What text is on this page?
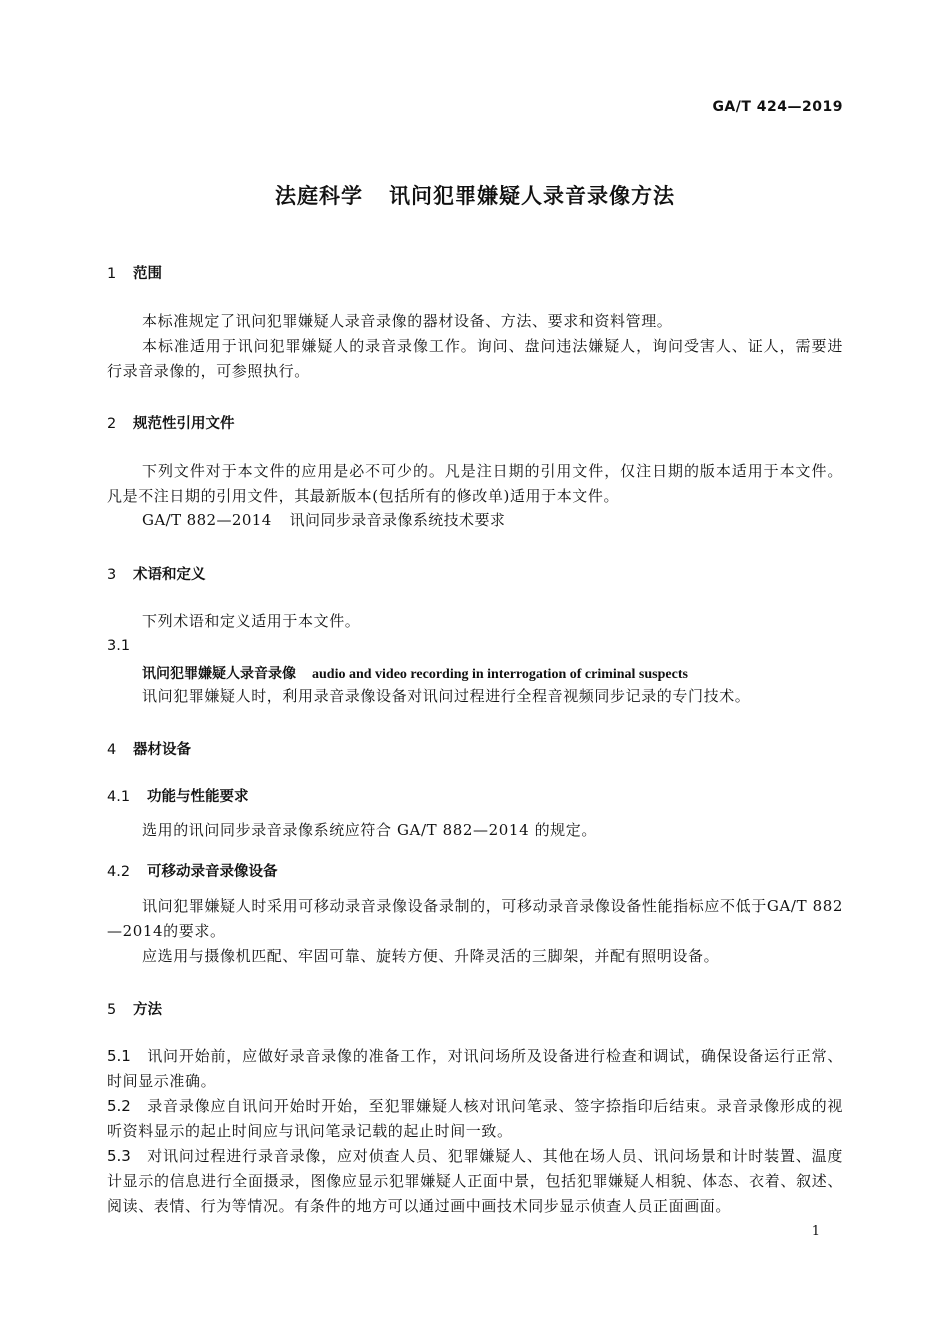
GA/T 424—2019
法庭科学 讯问犯罪嫌疑人录音录像方法
1 范围
本标准规定了讯问犯罪嫌疑人录音录像的器材设备、方法、要求和资料管理。
本标准适用于讯问犯罪嫌疑人的录音录像工作。询问、盘问违法嫌疑人，询问受害人、证人，需要进行录音录像的，可参照执行。
2 规范性引用文件
下列文件对于本文件的应用是必不可少的。凡是注日期的引用文件，仅注日期的版本适用于本文件。凡是不注日期的引用文件，其最新版本(包括所有的修改单)适用于本文件。
GA/T 882—2014 讯问同步录音录像系统技术要求
3 术语和定义
下列术语和定义适用于本文件。
3.1
讯问犯罪嫌疑人录音录像 audio and video recording in interrogation of criminal suspects
讯问犯罪嫌疑人时，利用录音录像设备对讯问过程进行全程音视频同步记录的专门技术。
4 器材设备
4.1 功能与性能要求
选用的讯问同步录音录像系统应符合 GA/T 882—2014 的规定。
4.2 可移动录音录像设备
讯问犯罪嫌疑人时采用可移动录音录像设备录制的，可移动录音录像设备性能指标应不低于GA/T 882—2014的要求。
应选用与摄像机匹配、牢固可靠、旋转方便、升降灵活的三脚架，并配有照明设备。
5 方法
5.1 讯问开始前，应做好录音录像的准备工作，对讯问场所及设备进行检查和调试，确保设备运行正常、时间显示准确。
5.2 录音录像应自讯问开始时开始，至犯罪嫌疑人核对讯问笔录、签字捺指印后结束。录音录像形成的视听资料显示的起止时间应与讯问笔录记载的起止时间一致。
5.3 对讯问过程进行录音录像，应对侦查人员、犯罪嫌疑人、其他在场人员、讯问场景和计时装置、温度计显示的信息进行全面摄录，图像应显示犯罪嫌疑人正面中景，包括犯罪嫌疑人相貌、体态、衣着、叙述、阅读、表情、行为等情况。有条件的地方可以通过画中画技术同步显示侦查人员正面画面。
1
